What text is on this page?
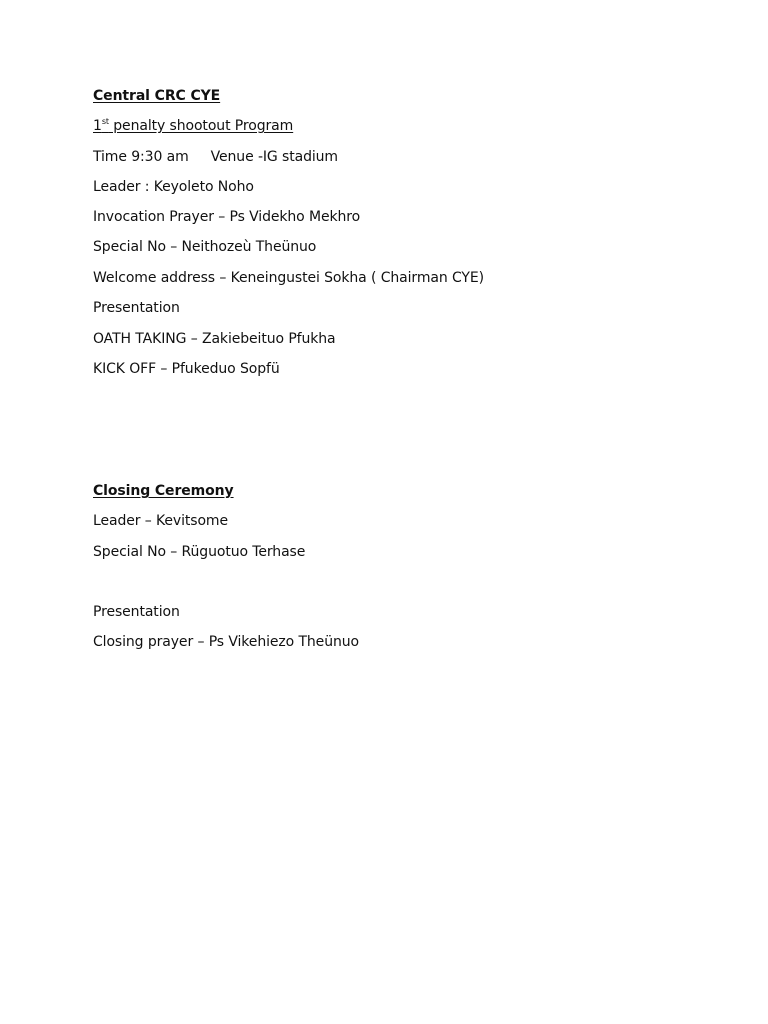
Central CRC CYE
1st penalty shootout Program
Time 9:30 am Venue -IG stadium
Leader : Keyoleto Noho
Invocation Prayer – Ps Videkho Mekhro
Special No – Neithozeù Theünuo
Welcome address – Keneingustei Sokha ( Chairman CYE)
Presentation
OATH TAKING – Zakiebeituo Pfukha
KICK OFF – Pfukeduo Sopfü
Closing Ceremony
Leader – Kevitsome
Special No – Rüguotuo Terhase
Presentation
Closing prayer – Ps Vikehiezo Theünuo
